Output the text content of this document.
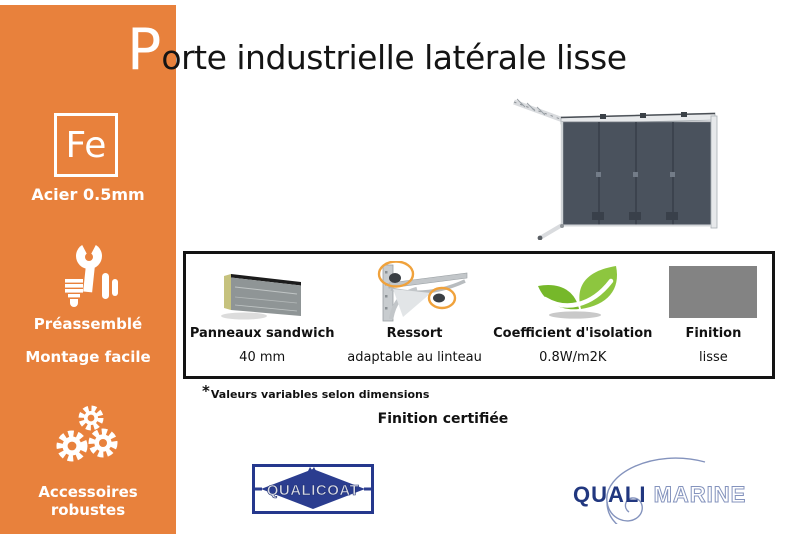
Fe
Acier 0.5mm
Préassemblé
Montage facile
Accessoires robustes
Porte industrielle latérale lisse
Panneaux sandwich
40 mm
Ressort
adaptable au linteau
Coefficient d'isolation
0.8W/m2K
Finition
lisse
*Valeurs variables selon dimensions
Finition certifiée
QUALICOAT	QUALI MARINE
